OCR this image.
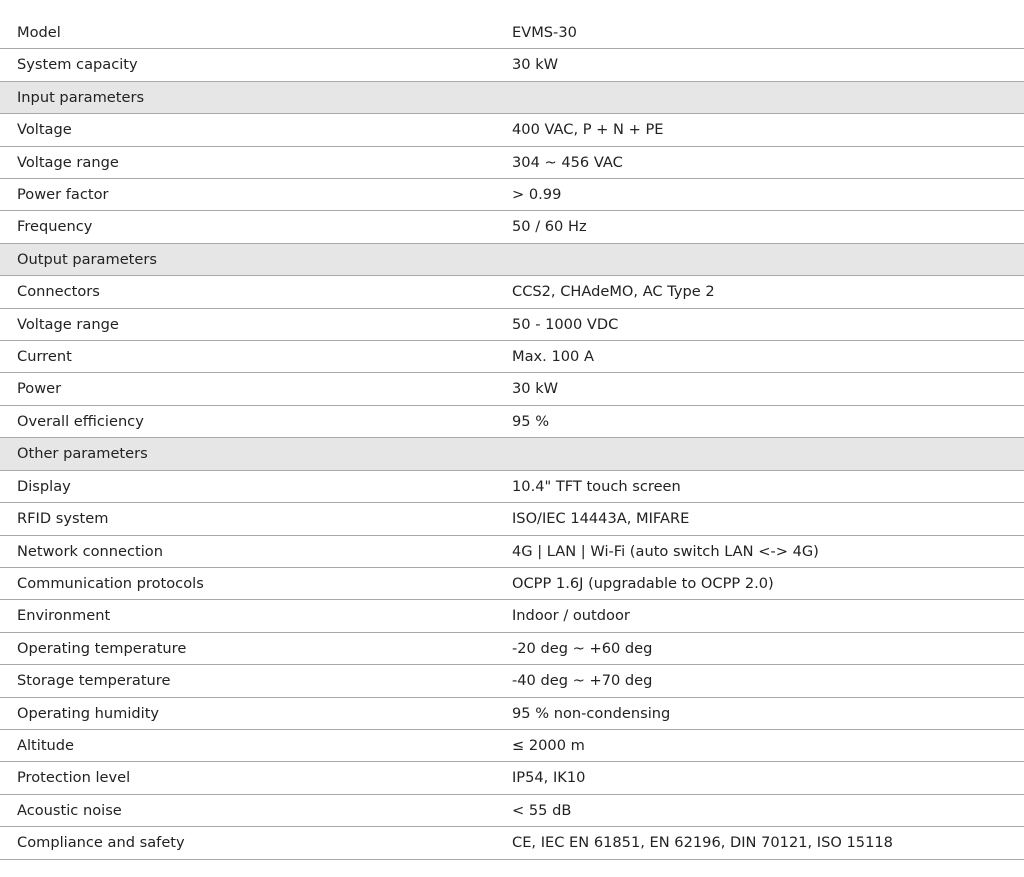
Model	EVMS-30
System capacity	30 kW
Input parameters
Voltage	400 VAC, P + N + PE
Voltage range	304 ~ 456 VAC
Power factor	> 0.99
Frequency	50 / 60 Hz
Output parameters
Connectors	CCS2, CHAdeMO, AC Type 2
Voltage range	50 - 1000 VDC
Current	Max. 100 A
Power	30 kW
Overall efficiency	95 %
Other parameters
Display	10.4" TFT touch screen
RFID system	ISO/IEC 14443A, MIFARE
Network connection	4G | LAN | Wi-Fi (auto switch LAN <-> 4G)
Communication protocols	OCPP 1.6J (upgradable to OCPP 2.0)
Environment	Indoor / outdoor
Operating temperature	-20 deg ~ +60 deg
Storage temperature	-40 deg ~ +70 deg
Operating humidity	95 % non-condensing
Altitude	≤ 2000 m
Protection level	IP54, IK10
Acoustic noise	< 55 dB
Compliance and safety	CE, IEC EN 61851, EN 62196, DIN 70121, ISO 15118
